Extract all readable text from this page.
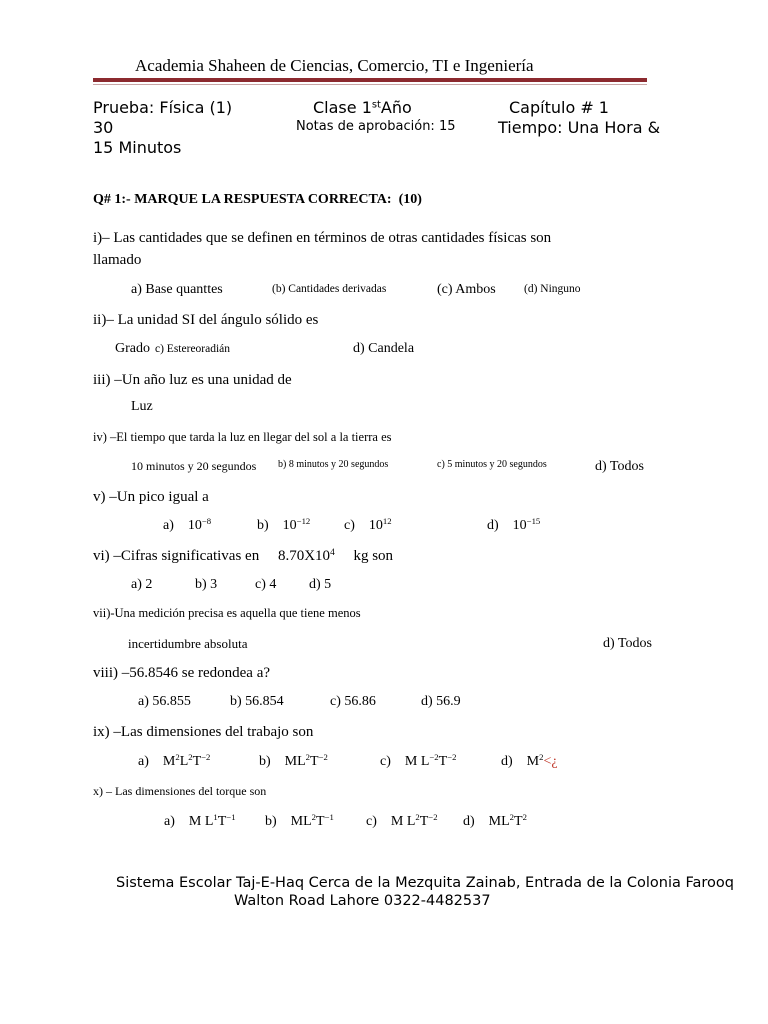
Academia Shaheen de Ciencias, Comercio, TI e Ingeniería
Prueba: Física (1)	Clase 1stAño	Capítulo # 1
30	Notas de aprobación: 15	Tiempo: Una Hora &
15 Minutos
Q# 1:- MARQUE LA RESPUESTA CORRECTA: (10)
i)– Las cantidades que se definen en términos de otras cantidades físicas son
llamado
a) Base quanttes	(b) Cantidades derivadas	(c) Ambos (d) Ninguno
ii)– La unidad SI del ángulo sólido es
Grado c) Estereoradián	d) Candela
iii) –Un año luz es una unidad de
Luz
iv) –El tiempo que tarda la luz en llegar del sol a la tierra es
10 minutos y 20 segundos b) 8 minutos y 20 segundos	c) 5 minutos y 20 segundos	d) Todos
v) –Un pico igual a
a) $10^{-8}$	b) $10^{-12}$ c) $10^{12}$	d) $10^{-15}$
vi) –Cifras significativas en $8.70X10^4$ kg son
a) 2	b) 3	c) 4 d) 5
vii)-Una medición precisa es aquella que tiene menos
incertidumbre absoluta	d) Todos
viii) –56.8546 se redondea a?
a) 56.855	b) 56.854	c) 56.86	d) 56.9
ix) –Las dimensiones del trabajo son
a)    $M^2L^2T^{-2}$	b)    $ML^2T^{-2}$	c)    M $L^{-2}T^{-2}$	d)    $M^2<¿$
x) – Las dimensiones del torque son
a)    M $L^1T^{-1}$ b)    $ML^2T^{-1}$ c)    M $L^2T^{-2}$ d)    $ML^2T^2$
Sistema Escolar Taj-E-Haq Cerca de la Mezquita Zainab, Entrada de la Colonia Farooq
Walton Road Lahore 0322-4482537
